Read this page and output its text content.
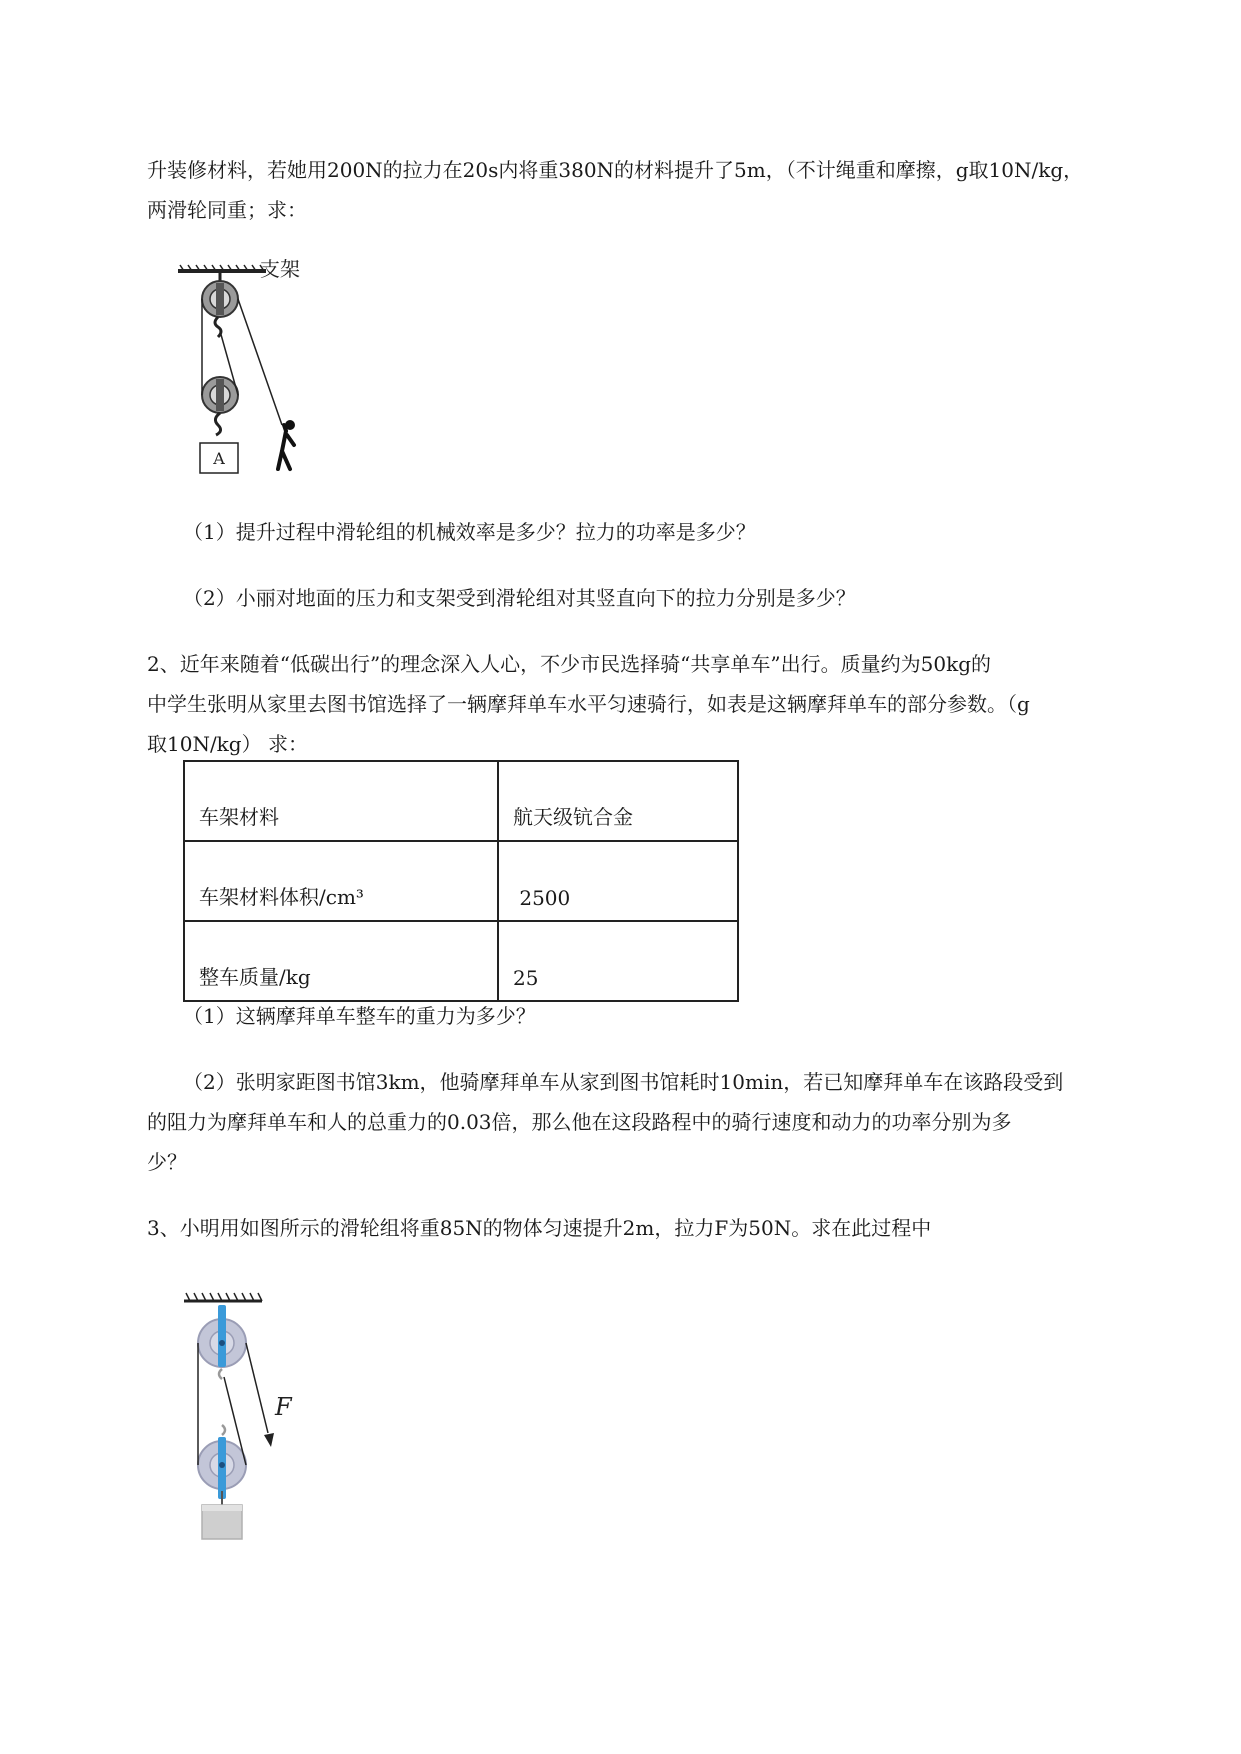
升装修材料，若她用200N的拉力在20s内将重380N的材料提升了5m，（不计绳重和摩擦，g取10N/kg，
两滑轮同重；求：
支架
A
（1）提升过程中滑轮组的机械效率是多少？拉力的功率是多少？
（2）小丽对地面的压力和支架受到滑轮组对其竖直向下的拉力分别是多少？
2、近年来随着“低碳出行”的理念深入人心，不少市民选择骑“共享单车”出行。质量约为50kg的
中学生张明从家里去图书馆选择了一辆摩拜单车水平匀速骑行，如表是这辆摩拜单车的部分参数。（g
取10N/kg） 求：
车架材料	航天级钪合金
车架材料体积/cm³	2500
整车质量/kg	25
（1）这辆摩拜单车整车的重力为多少？
（2）张明家距图书馆3km，他骑摩拜单车从家到图书馆耗时10min，若已知摩拜单车在该路段受到
的阻力为摩拜单车和人的总重力的0.03倍，那么他在这段路程中的骑行速度和动力的功率分别为多
少？
3、小明用如图所示的滑轮组将重85N的物体匀速提升2m，拉力F为50N。求在此过程中
F
